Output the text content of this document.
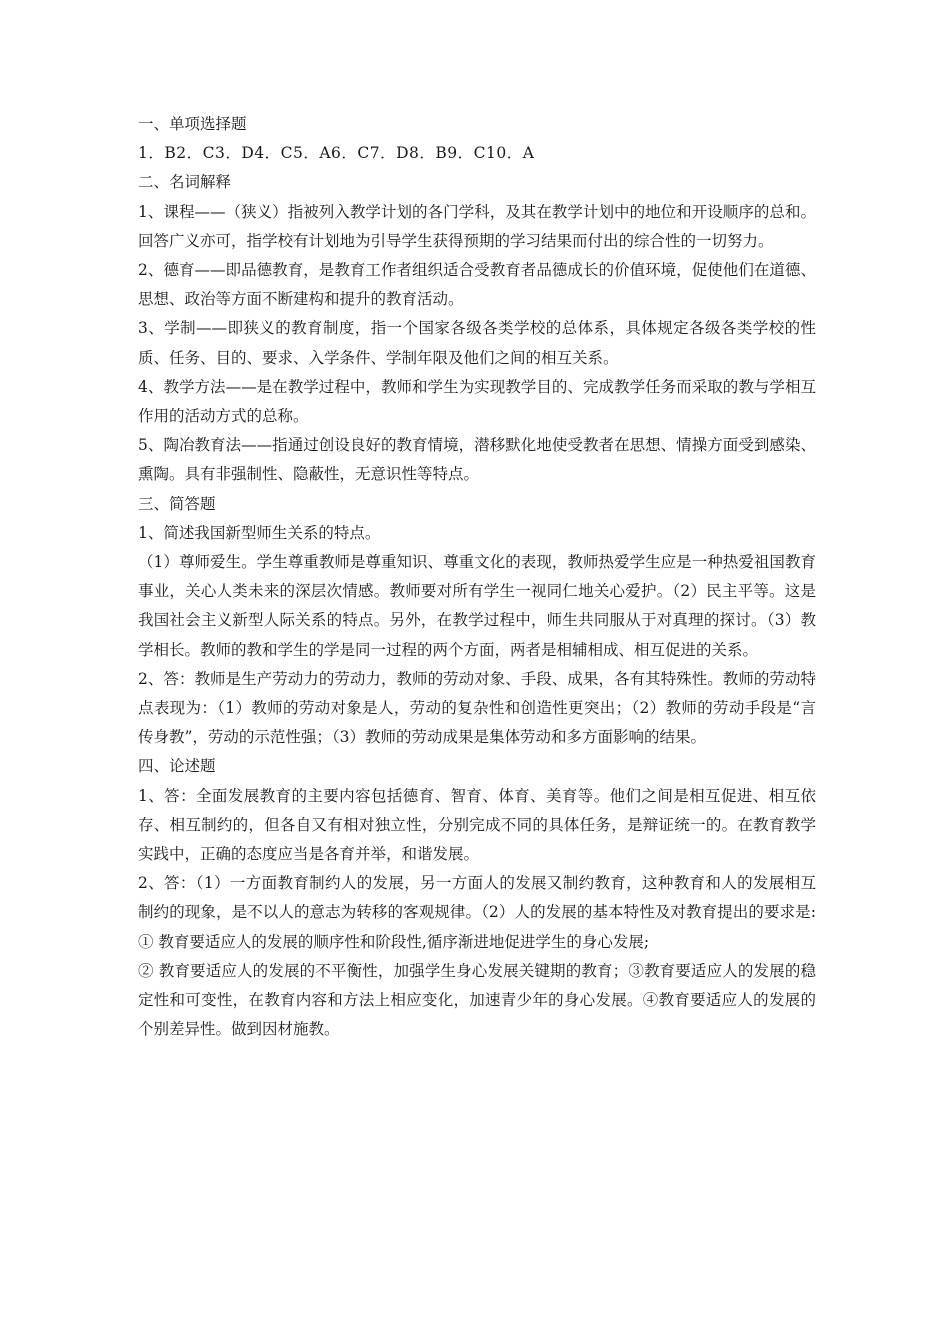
一、单项选择题

1．B2．C3．D4．C5．A6．C7．D8．B9．C10．A

二、名词解释

1、课程——（狭义）指被列入教学计划的各门学科，及其在教学计划中的地位和开设顺序的总和。回答广义亦可，指学校有计划地为引导学生获得预期的学习结果而付出的综合性的一切努力。

2、德育——即品德教育，是教育工作者组织适合受教育者品德成长的价值环境，促使他们在道德、思想、政治等方面不断建构和提升的教育活动。

3、学制——即狭义的教育制度，指一个国家各级各类学校的总体系，具体规定各级各类学校的性质、任务、目的、要求、入学条件、学制年限及他们之间的相互关系。

4、教学方法——是在教学过程中，教师和学生为实现教学目的、完成教学任务而采取的教与学相互作用的活动方式的总称。

5、陶冶教育法——指通过创设良好的教育情境，潜移默化地使受教者在思想、情操方面受到感染、熏陶。具有非强制性、隐蔽性，无意识性等特点。

三、简答题

1、简述我国新型师生关系的特点。

（1）尊师爱生。学生尊重教师是尊重知识、尊重文化的表现，教师热爱学生应是一种热爱祖国教育事业，关心人类未来的深层次情感。教师要对所有学生一视同仁地关心爱护。（2）民主平等。这是我国社会主义新型人际关系的特点。另外，在教学过程中，师生共同服从于对真理的探讨。（3）教学相长。教师的教和学生的学是同一过程的两个方面，两者是相辅相成、相互促进的关系。

2、答：教师是生产劳动力的劳动力，教师的劳动对象、手段、成果，各有其特殊性。教师的劳动特点表现为：（1）教师的劳动对象是人，劳动的复杂性和创造性更突出；（2）教师的劳动手段是“言传身教”，劳动的示范性强；（3）教师的劳动成果是集体劳动和多方面影响的结果。

四、论述题

1、答：全面发展教育的主要内容包括德育、智育、体育、美育等。他们之间是相互促进、相互依存、相互制约的，但各自又有相对独立性，分别完成不同的具体任务，是辩证统一的。在教育教学实践中，正确的态度应当是各育并举，和谐发展。

2、答：（1）一方面教育制约人的发展，另一方面人的发展又制约教育，这种教育和人的发展相互制约的现象，是不以人的意志为转移的客观规律。（2）人的发展的基本特性及对教育提出的要求是:① 教育要适应人的发展的顺序性和阶段性,循序渐进地促进学生的身心发展;

② 教育要适应人的发展的不平衡性，加强学生身心发展关键期的教育；③教育要适应人的发展的稳定性和可变性，在教育内容和方法上相应变化，加速青少年的身心发展。④教育要适应人的发展的个别差异性。做到因材施教。
